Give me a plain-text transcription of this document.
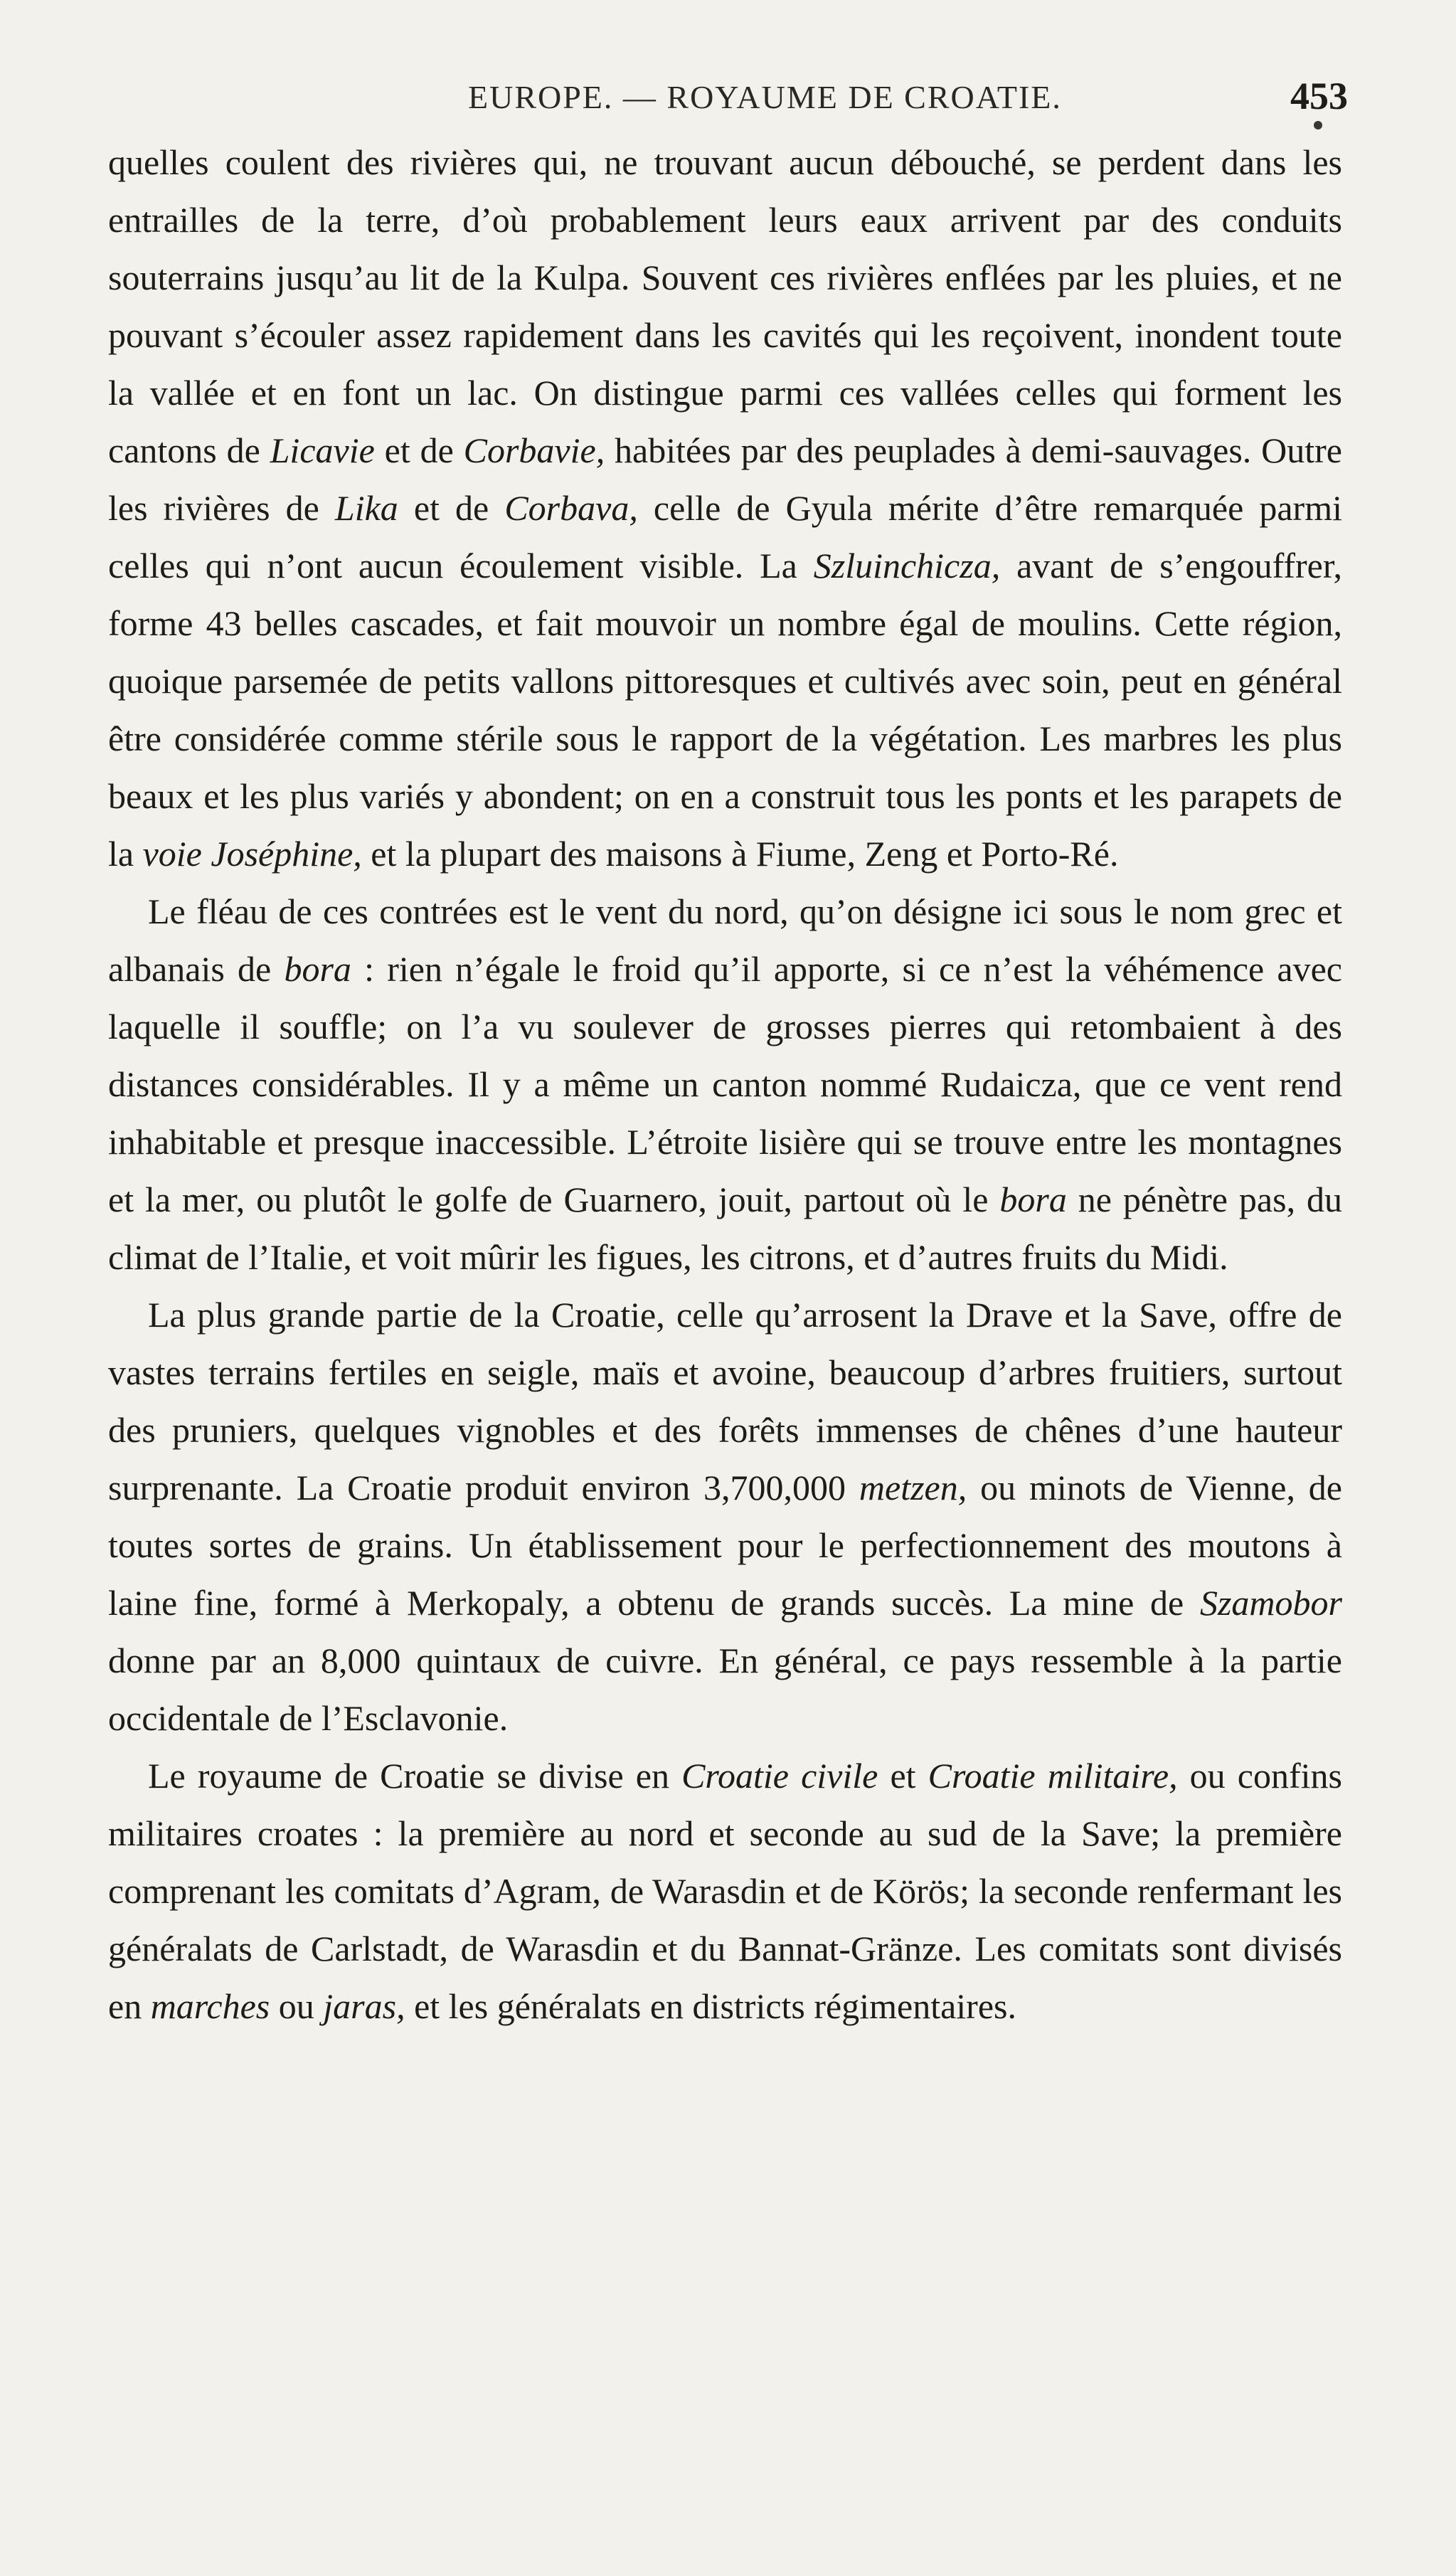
EUROPE. — ROYAUME DE CROATIE.	453

quelles coulent des rivières qui, ne trouvant aucun débouché, se perdent dans les entrailles de la terre, d’où probablement leurs eaux arrivent par des conduits souterrains jusqu’au lit de la Kulpa. Souvent ces rivières enflées par les pluies, et ne pouvant s’écouler assez rapidement dans les cavités qui les reçoivent, inondent toute la vallée et en font un lac. On distingue parmi ces vallées celles qui forment les cantons de Licavie et de Corbavie, habitées par des peuplades à demi-sauvages. Outre les rivières de Lika et de Corbava, celle de Gyula mérite d’être remarquée parmi celles qui n’ont aucun écoulement visible. La Szluinchicza, avant de s’engouffrer, forme 43 belles cascades, et fait mouvoir un nombre égal de moulins. Cette région, quoique parsemée de petits vallons pittoresques et cultivés avec soin, peut en général être considérée comme stérile sous le rapport de la végétation. Les marbres les plus beaux et les plus variés y abondent; on en a construit tous les ponts et les parapets de la voie Joséphine, et la plupart des maisons à Fiume, Zeng et Porto-Ré.

Le fléau de ces contrées est le vent du nord, qu’on désigne ici sous le nom grec et albanais de bora : rien n’égale le froid qu’il apporte, si ce n’est la véhémence avec laquelle il souffle; on l’a vu soulever de grosses pierres qui retombaient à des distances considérables. Il y a même un canton nommé Rudaicza, que ce vent rend inhabitable et presque inaccessible. L’étroite lisière qui se trouve entre les montagnes et la mer, ou plutôt le golfe de Guarnero, jouit, partout où le bora ne pénètre pas, du climat de l’Italie, et voit mûrir les figues, les citrons, et d’autres fruits du Midi.

La plus grande partie de la Croatie, celle qu’arrosent la Drave et la Save, offre de vastes terrains fertiles en seigle, maïs et avoine, beaucoup d’arbres fruitiers, surtout des pruniers, quelques vignobles et des forêts immenses de chênes d’une hauteur surprenante. La Croatie produit environ 3,700,000 metzen, ou minots de Vienne, de toutes sortes de grains. Un établissement pour le perfectionnement des moutons à laine fine, formé à Merkopaly, a obtenu de grands succès. La mine de Szamobor donne par an 8,000 quintaux de cuivre. En général, ce pays ressemble à la partie occidentale de l’Esclavonie.

Le royaume de Croatie se divise en Croatie civile et Croatie militaire, ou confins militaires croates : la première au nord et seconde au sud de la Save; la première comprenant les comitats d’Agram, de Warasdin et de Körös; la seconde renfermant les généralats de Carlstadt, de Warasdin et du Bannat-Gränze. Les comitats sont divisés en marches ou jaras, et les généralats en districts régimentaires.
